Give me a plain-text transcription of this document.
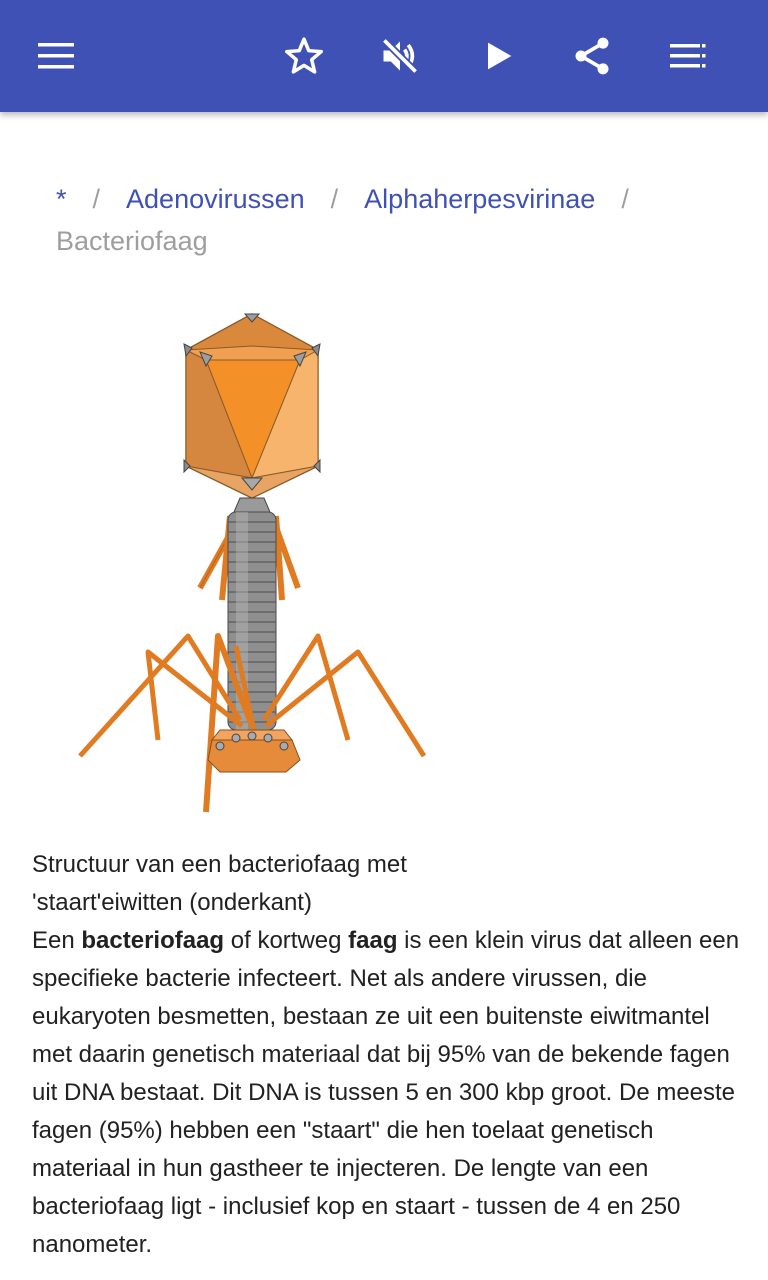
* / Adenovirussen / Alphaherpesvirinae /
Bacteriofaag
Structuur van een bacteriofaag met
'staart'eiwitten (onderkant)
Een bacteriofaag of kortweg faag is een klein virus dat alleen een specifieke bacterie infecteert. Net als andere virussen, die eukaryoten besmetten, bestaan ze uit een buitenste eiwitmantel met daarin genetisch materiaal dat bij 95% van de bekende fagen uit DNA bestaat. Dit DNA is tussen 5 en 300 kbp groot. De meeste fagen (95%) hebben een "staart" die hen toelaat genetisch materiaal in hun gastheer te injecteren. De lengte van een bacteriofaag ligt - inclusief kop en staart - tussen de 4 en 250 nanometer.
